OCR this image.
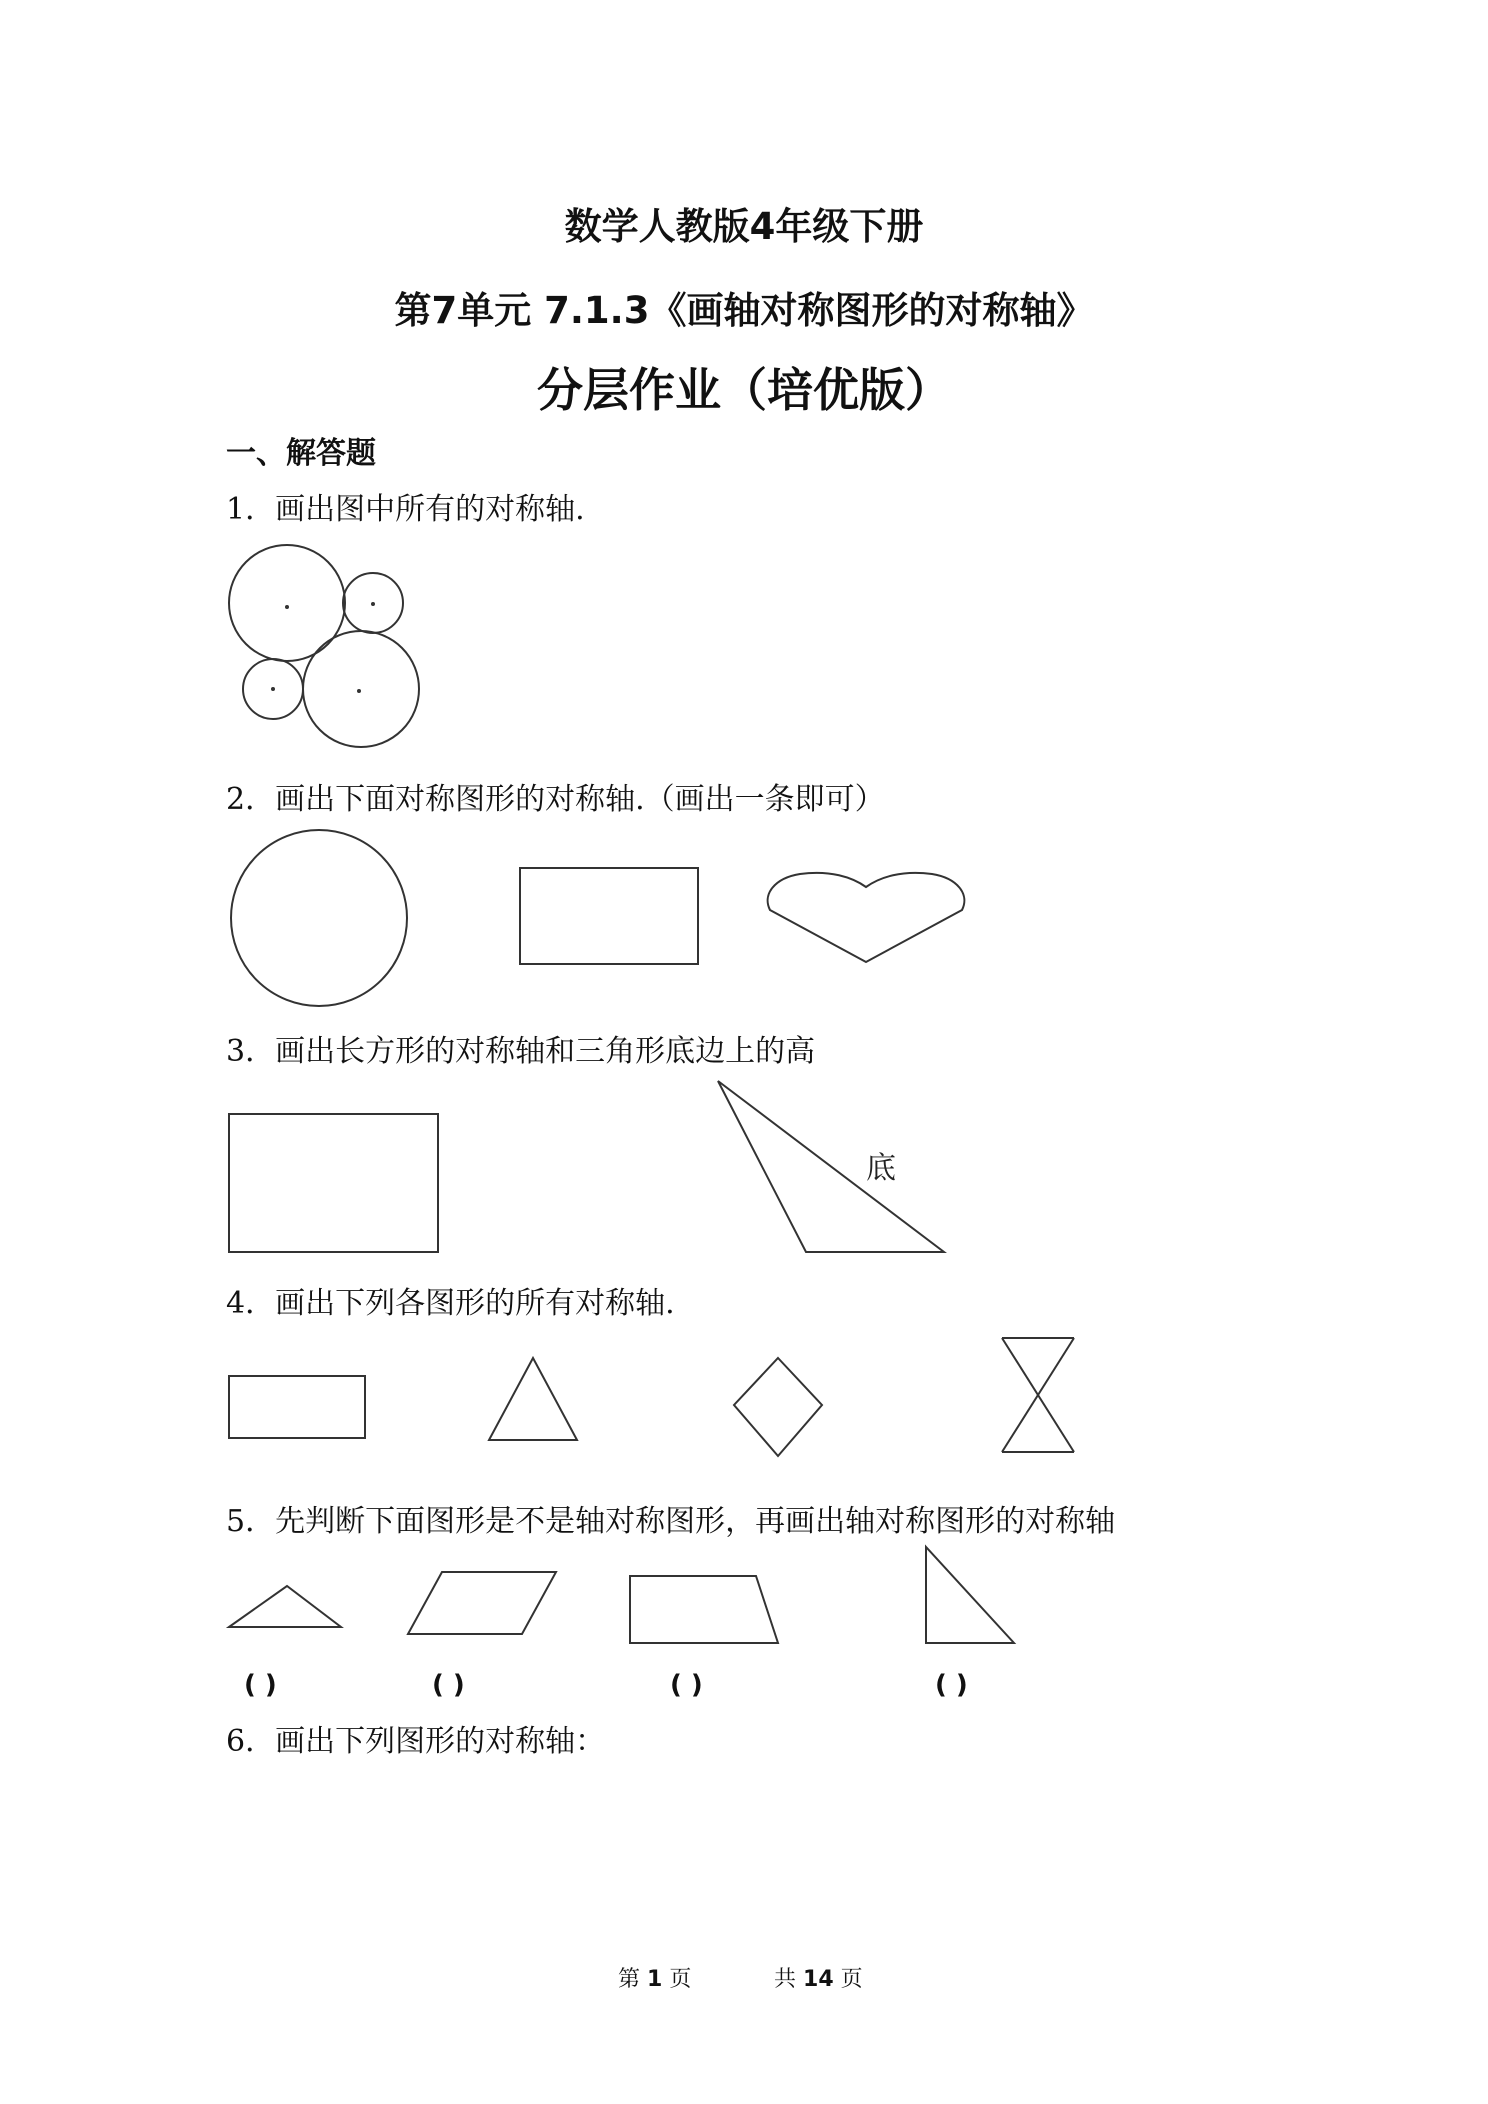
数学人教版4年级下册
第7单元 7.1.3《画轴对称图形的对称轴》
分层作业（培优版）
一、解答题
1．画出图中所有的对称轴.
2．画出下面对称图形的对称轴.（画出一条即可）
3．画出长方形的对称轴和三角形底边上的高
4．画出下列各图形的所有对称轴.
5．先判断下面图形是不是轴对称图形，再画出轴对称图形的对称轴
6．画出下列图形的对称轴：
( )	( )	( )	( )
底
第 1 页	共 14 页
